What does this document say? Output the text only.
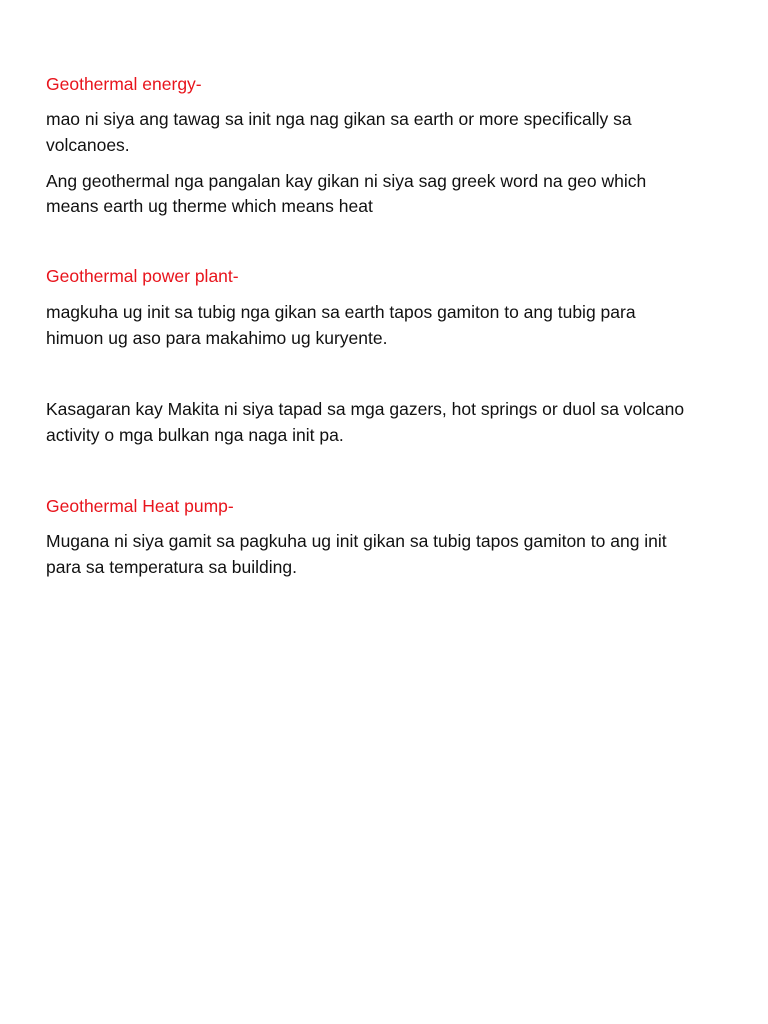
Geothermal energy-
mao ni siya ang tawag sa init nga nag gikan sa earth or more specifically sa
volcanoes.
Ang geothermal nga pangalan kay gikan ni siya sag greek word na geo which
means earth ug therme which means heat
Geothermal power plant-
magkuha ug init sa tubig nga gikan sa earth tapos gamiton to ang tubig para
himuon ug aso para makahimo ug kuryente.
Kasagaran kay Makita ni siya tapad sa mga gazers, hot springs or duol sa volcano
activity o mga bulkan nga naga init pa.
Geothermal Heat pump-
Mugana ni siya gamit sa pagkuha ug init gikan sa tubig tapos gamiton to ang init
para sa temperatura sa building.
